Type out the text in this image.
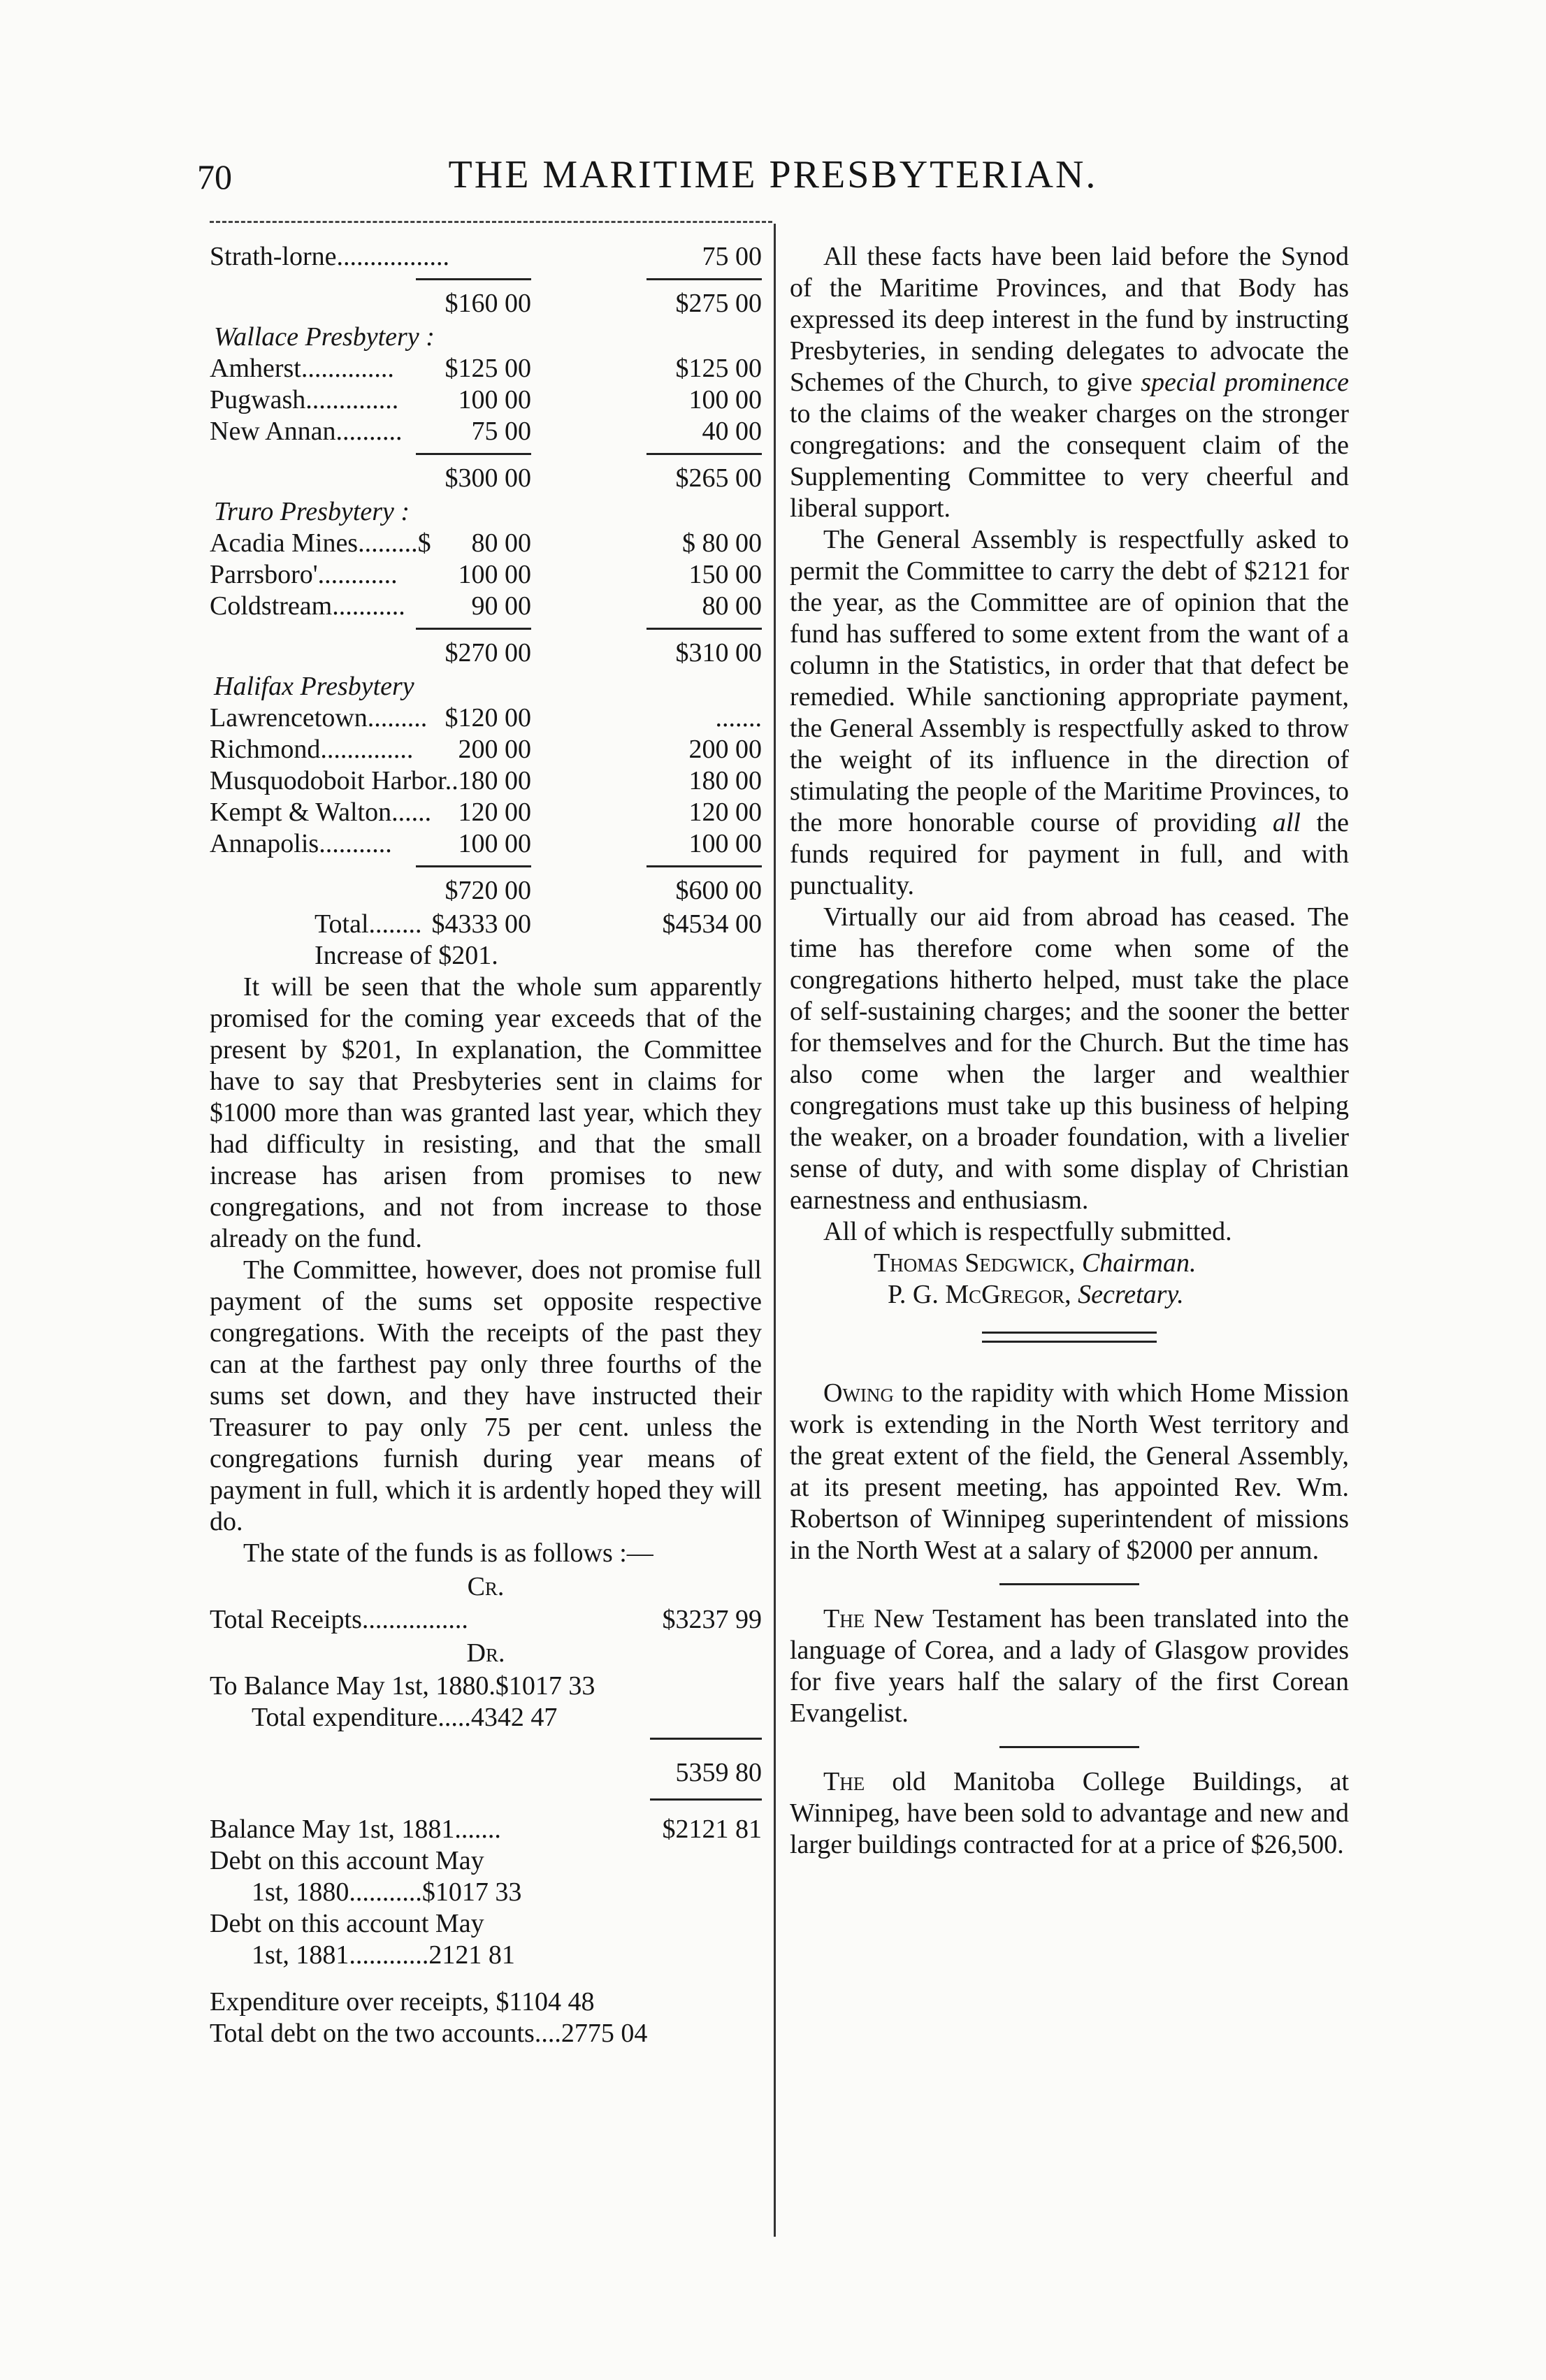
70	THE MARITIME PRESBYTERIAN.
Strath-lorne.................	75 00
$160 00	$275 00
Wallace Presbytery :
Amherst.............. $125 00	$125 00
Pugwash.............. 100 00	100 00
New Annan..........	75 00	40 00
$300 00	$265 00
Truro Presbytery :
Acadia Mines.........$ 80 00	$ 80 00
Parrsboro'............ 100 00	150 00
Coldstream........... 90 00	80 00
$270 00	$310 00
Halifax Presbytery
Lawrencetown......... $120 00	.......
Richmond.............. 200 00	200 00
Musquodoboit Harbor.. 180 00	180 00
Kempt & Walton...... 120 00	120 00
Annapolis........... 100 00	100 00
$720 00	$600 00
Total........ $4333 00	$4534 00
Increase of $201.

It will be seen that the whole sum apparently promised for the coming year exceeds that of the present by $201, In explanation, the Committee have to say that Presbyteries sent in claims for $1000 more than was granted last year, which they had difficulty in resisting, and that the small increase has arisen from promises to new congregations, and not from increase to those already on the fund.

The Committee, however, does not promise full payment of the sums set opposite respective congregations. With the receipts of the past they can at the farthest pay only three fourths of the sums set down, and they have instructed their Treasurer to pay only 75 per cent. unless the congregations furnish during year means of payment in full, which it is ardently hoped they will do.

The state of the funds is as follows :—

Cr.
Total Receipts................	$3237 99
Dr.
To Balance May 1st, 1880.$1017 33
Total expenditure.....4342 47
5359 80
Balance May 1st, 1881.......	$2121 81
Debt on this account May
1st, 1880...........$1017 33
Debt on this account May
1st, 1881............2121 81
Expenditure over receipts, $1104 48
Total debt on the two accounts....2775 04

All these facts have been laid before the Synod of the Maritime Provinces, and that Body has expressed its deep interest in the fund by instructing Presbyteries, in sending delegates to advocate the Schemes of the Church, to give special prominence to the claims of the weaker charges on the stronger congregations: and the consequent claim of the Supplementing Committee to very cheerful and liberal support.

The General Assembly is respectfully asked to permit the Committee to carry the debt of $2121 for the year, as the Committee are of opinion that the fund has suffered to some extent from the want of a column in the Statistics, in order that that defect be remedied. While sanctioning appropriate payment, the General Assembly is respectfully asked to throw the weight of its influence in the direction of stimulating the people of the Maritime Provinces, to the more honorable course of providing all the funds required for payment in full, and with punctuality.

Virtually our aid from abroad has ceased. The time has therefore come when some of the congregations hitherto helped, must take the place of self-sustaining charges; and the sooner the better for themselves and for the Church. But the time has also come when the larger and wealthier congregations must take up this business of helping the weaker, on a broader foundation, with a livelier sense of duty, and with some display of Christian earnestness and enthusiasm.

All of which is respectfully submitted.

Thomas Sedgwick, Chairman.

P. G. McGregor, Secretary.

Owing to the rapidity with which Home Mission work is extending in the North West territory and the great extent of the field, the General Assembly, at its present meeting, has appointed Rev. Wm. Robertson of Winnipeg superintendent of missions in the North West at a salary of $2000 per annum.

The New Testament has been translated into the language of Corea, and a lady of Glasgow provides for five years half the salary of the first Corean Evangelist.

The old Manitoba College Buildings, at Winnipeg, have been sold to advantage and new and larger buildings contracted for at a price of $26,500.
